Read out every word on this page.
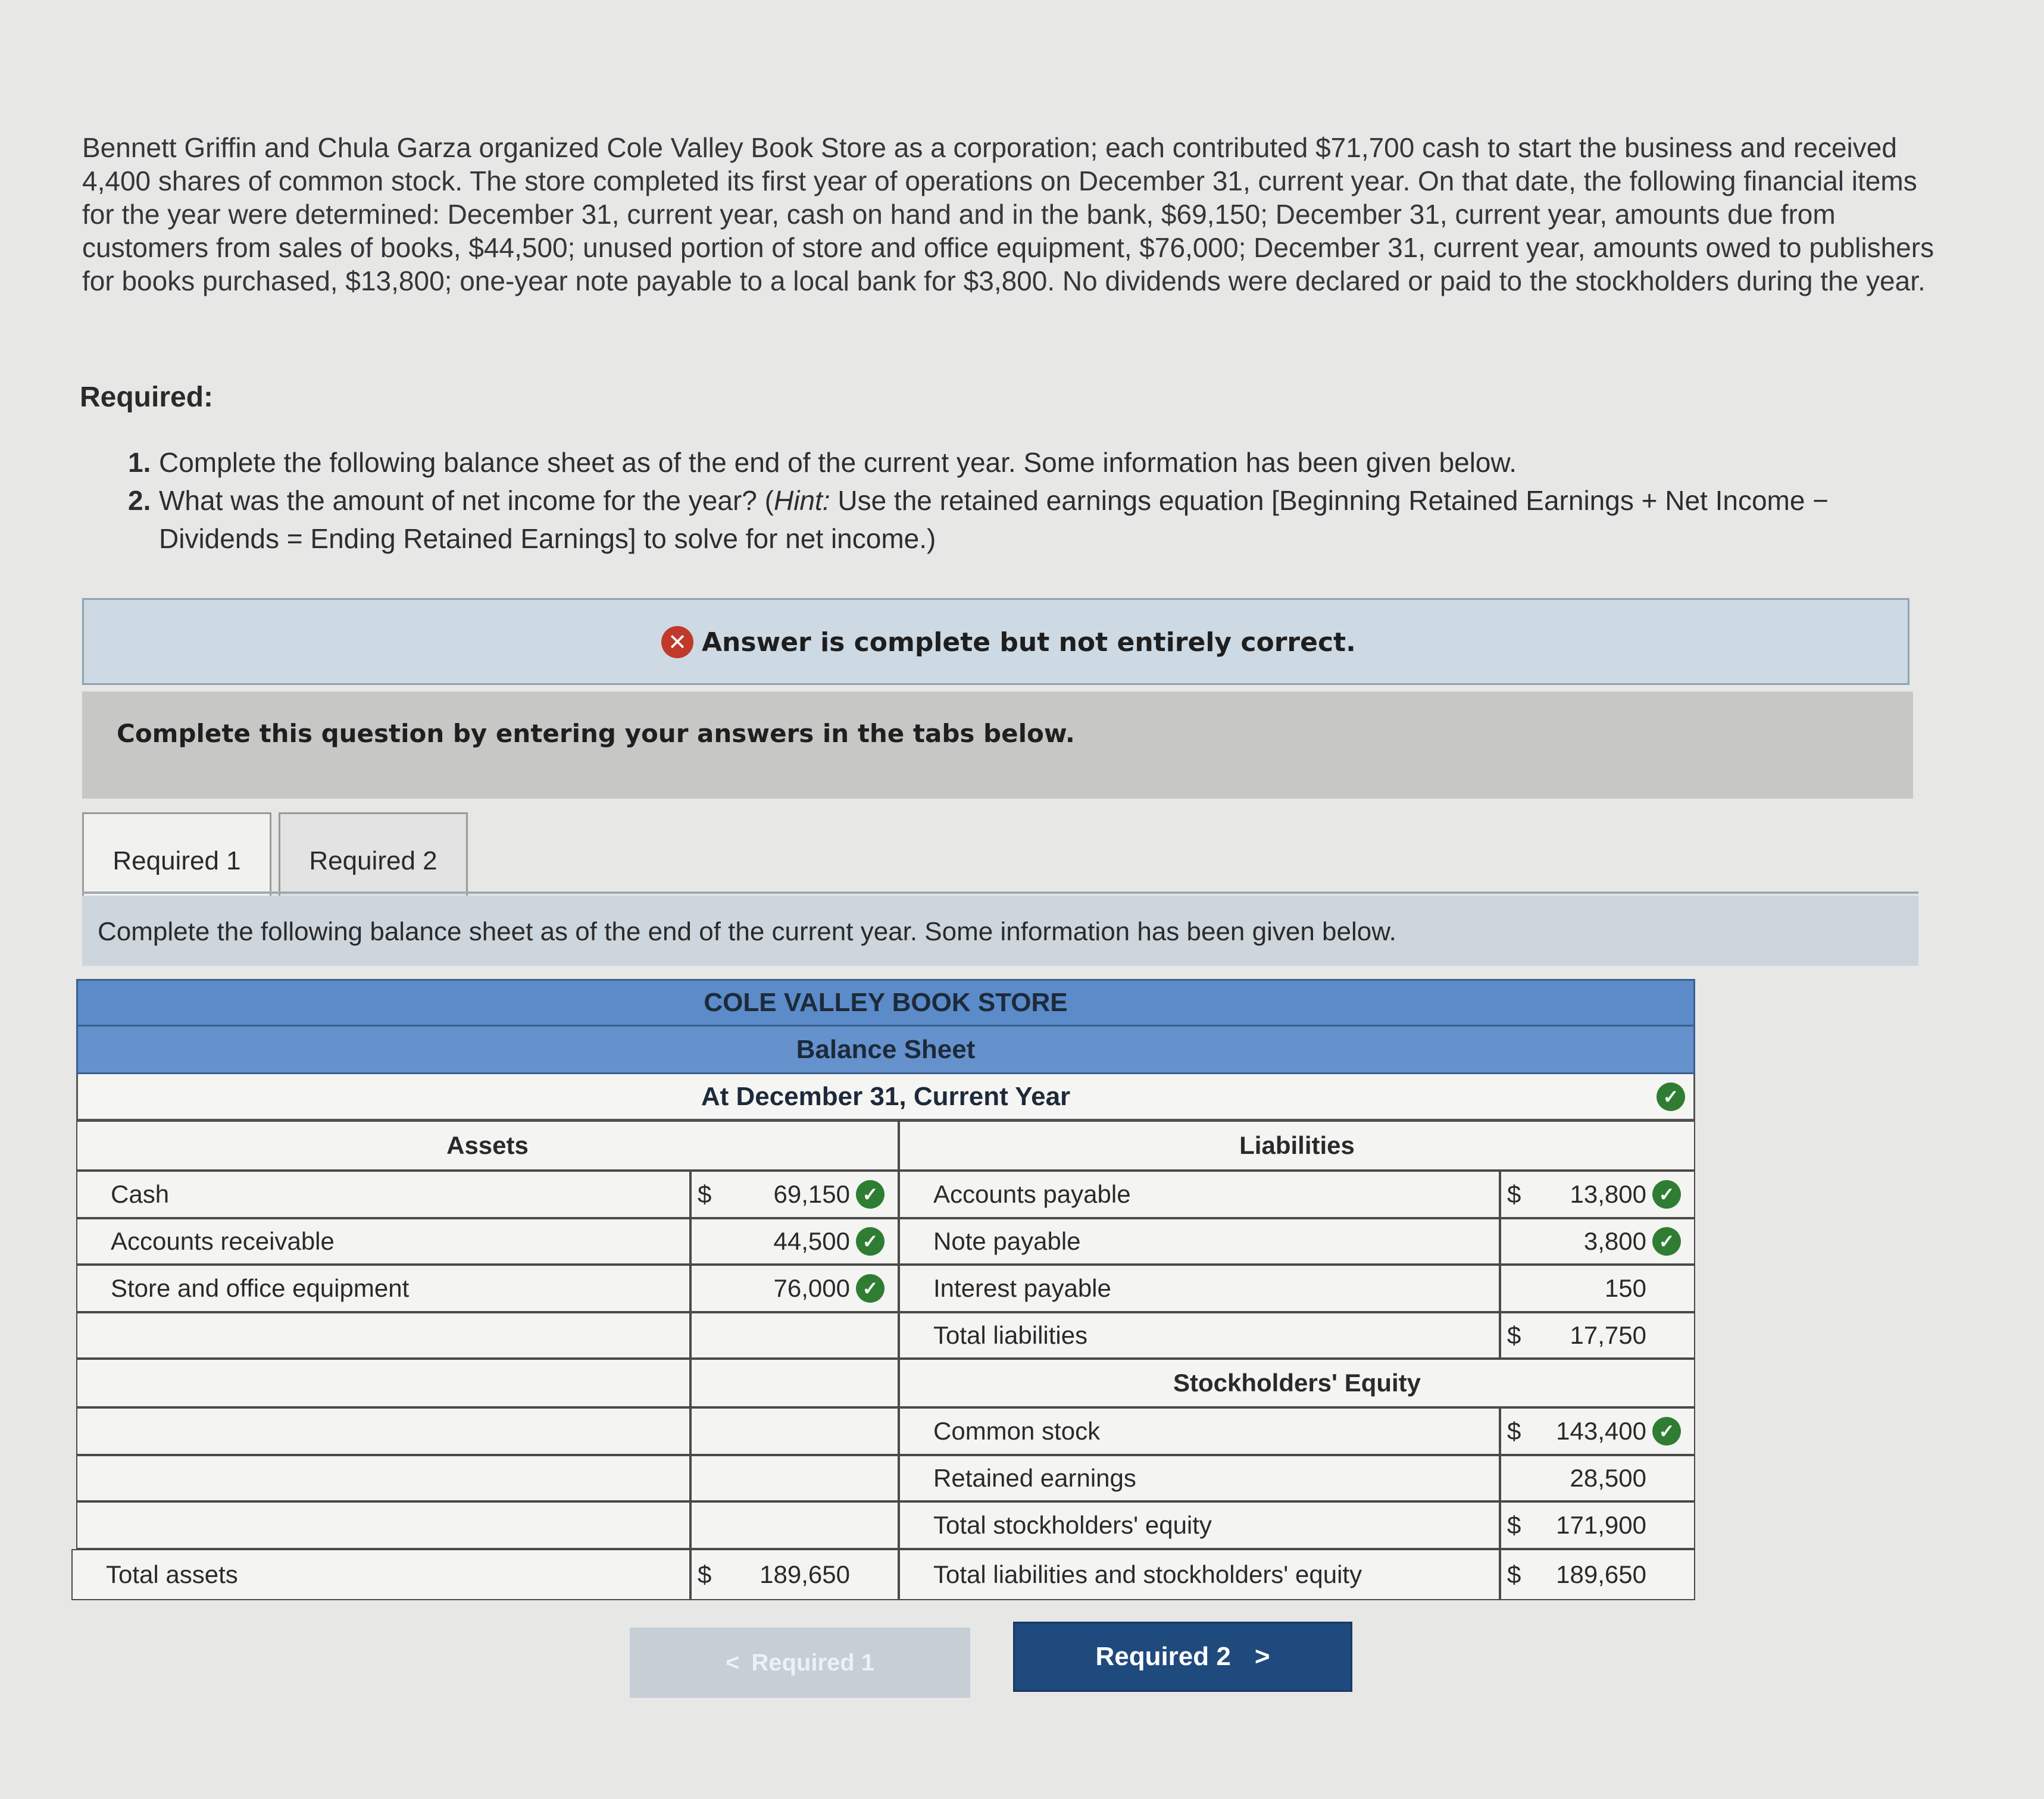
Bennett Griffin and Chula Garza organized Cole Valley Book Store as a corporation; each contributed $71,700 cash to start the business and received 4,400 shares of common stock. The store completed its first year of operations on December 31, current year. On that date, the following financial items for the year were determined: December 31, current year, cash on hand and in the bank, $69,150; December 31, current year, amounts due from customers from sales of books, $44,500; unused portion of store and office equipment, $76,000; December 31, current year, amounts owed to publishers for books purchased, $13,800; one-year note payable to a local bank for $3,800. No dividends were declared or paid to the stockholders during the year.
Required:
1. Complete the following balance sheet as of the end of the current year. Some information has been given below.
2. What was the amount of net income for the year? (Hint: Use the retained earnings equation [Beginning Retained Earnings + Net Income − Dividends = Ending Retained Earnings] to solve for net income.)
✕ Answer is complete but not entirely correct.
Complete this question by entering your answers in the tabs below.
Required 1	Required 2
Complete the following balance sheet as of the end of the current year. Some information has been given below.
COLE VALLEY BOOK STORE
Balance Sheet
At December 31, Current Year	✓
Assets	Liabilities
Cash	$ 69,150 ✓	Accounts payable	$ 13,800 ✓
Accounts receivable	44,500 ✓	Note payable	3,800 ✓
Store and office equipment	76,000 ✓	Interest payable	150
Total liabilities	$ 17,750
Stockholders' Equity
Common stock	$ 143,400 ✓
Retained earnings	28,500
Total stockholders' equity	$ 171,900
Total assets	$ 189,650	Total liabilities and stockholders' equity	$ 189,650
< Required 1	Required 2 >
